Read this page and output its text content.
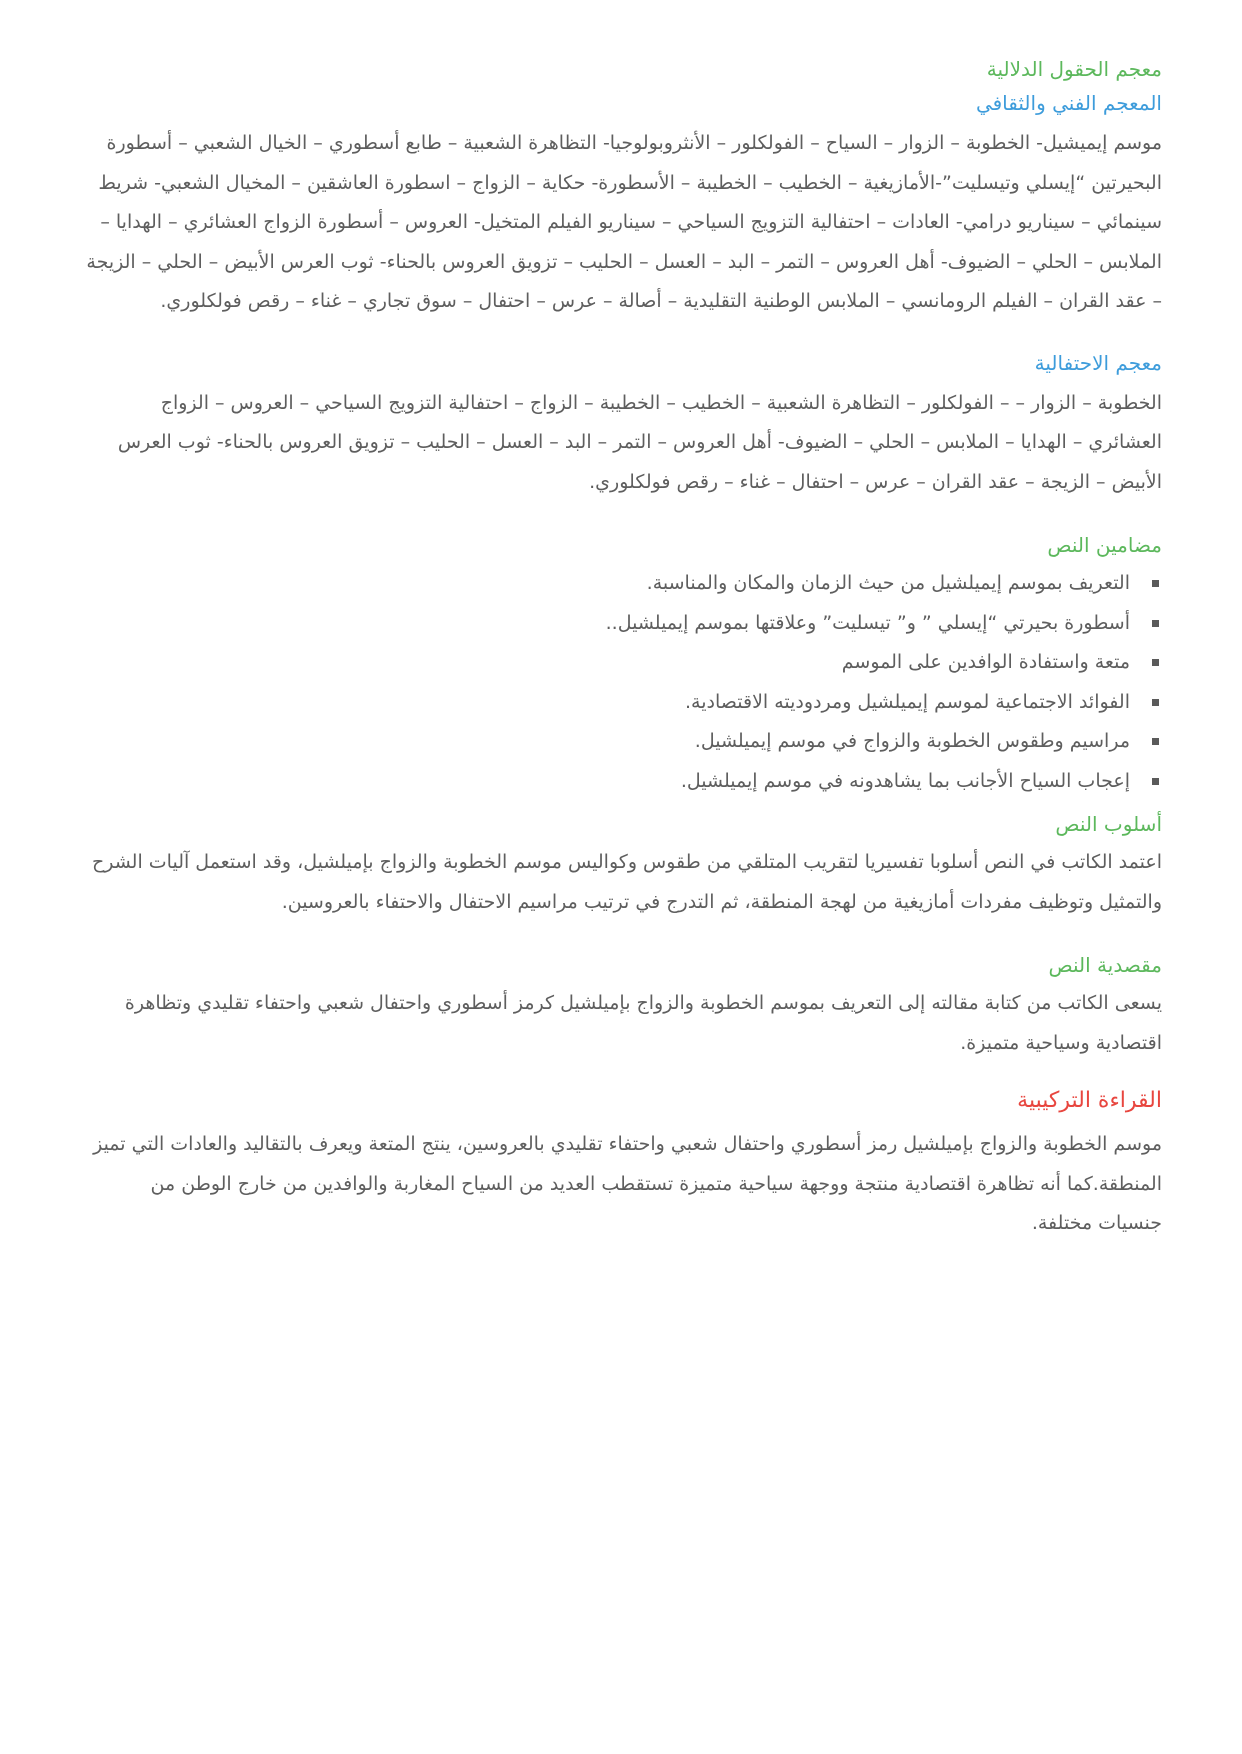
معجم الحقول الدلالية
المعجم الفني والثقافي

موسم إيميشيل- الخطوبة – الزوار – السياح – الفولكلور – الأنثروبولوجيا- التظاهرة الشعبية – طابع أسطوري – الخيال الشعبي – أسطورة البحيرتين “إيسلي وتيسليت”-الأمازيغية – الخطيب – الخطيبة – الأسطورة- حكاية – الزواج – اسطورة العاشقين – المخيال الشعبي- شريط سينمائي – سيناريو درامي- العادات – احتفالية التزويج السياحي – سيناريو الفيلم المتخيل- العروس – أسطورة الزواج العشائري – الهدايا – الملابس – الحلي – الضيوف- أهل العروس – التمر – البد – العسل – الحليب – تزويق العروس بالحناء- ثوب العرس الأبيض – الحلي – الزيجة – عقد القران – الفيلم الرومانسي – الملابس الوطنية التقليدية – أصالة – عرس – احتفال – سوق تجاري – غناء – رقص فولكلوري.

معجم الاحتفالية

الخطوبة – الزوار – – الفولكلور – التظاهرة الشعبية – الخطيب – الخطيبة – الزواج – احتفالية التزويج السياحي – العروس – الزواج العشائري – الهدايا – الملابس – الحلي – الضيوف- أهل العروس – التمر – البد – العسل – الحليب – تزويق العروس بالحناء- ثوب العرس الأبيض – الزيجة – عقد القران – عرس – احتفال – غناء – رقص فولكلوري.

مضامين النص
التعريف بموسم إيميلشيل من حيث الزمان والمكان والمناسبة.
أسطورة بحيرتي “إيسلي ” و” تيسليت” وعلاقتها بموسم إيميلشيل..
متعة واستفادة الوافدين على الموسم
الفوائد الاجتماعية لموسم إيميلشيل ومردوديته الاقتصادية.
مراسيم وطقوس الخطوبة والزواج في موسم إيميلشيل.
إعجاب السياح الأجانب بما يشاهدونه في موسم إيميلشيل.
أسلوب النص

اعتمد الكاتب في النص أسلوبا تفسيريا لتقريب المتلقي من طقوس وكواليس موسم الخطوبة والزواج بإميلشيل، وقد استعمل آليات الشرح والتمثيل وتوظيف مفردات أمازيغية من لهجة المنطقة، ثم التدرج في ترتيب مراسيم الاحتفال والاحتفاء بالعروسين.

مقصدية النص

يسعى الكاتب من كتابة مقالته إلى التعريف بموسم الخطوبة والزواج بإميلشيل كرمز أسطوري واحتفال شعبي واحتفاء تقليدي وتظاهرة اقتصادية وسياحية متميزة.

القراءة التركيبية

موسم الخطوبة والزواج بإميلشيل رمز أسطوري واحتفال شعبي واحتفاء تقليدي بالعروسين، ينتج المتعة ويعرف بالتقاليد والعادات التي تميز المنطقة.كما أنه تظاهرة اقتصادية منتجة ووجهة سياحية متميزة تستقطب العديد من السياح المغاربة والوافدين من خارج الوطن من جنسيات مختلفة.
